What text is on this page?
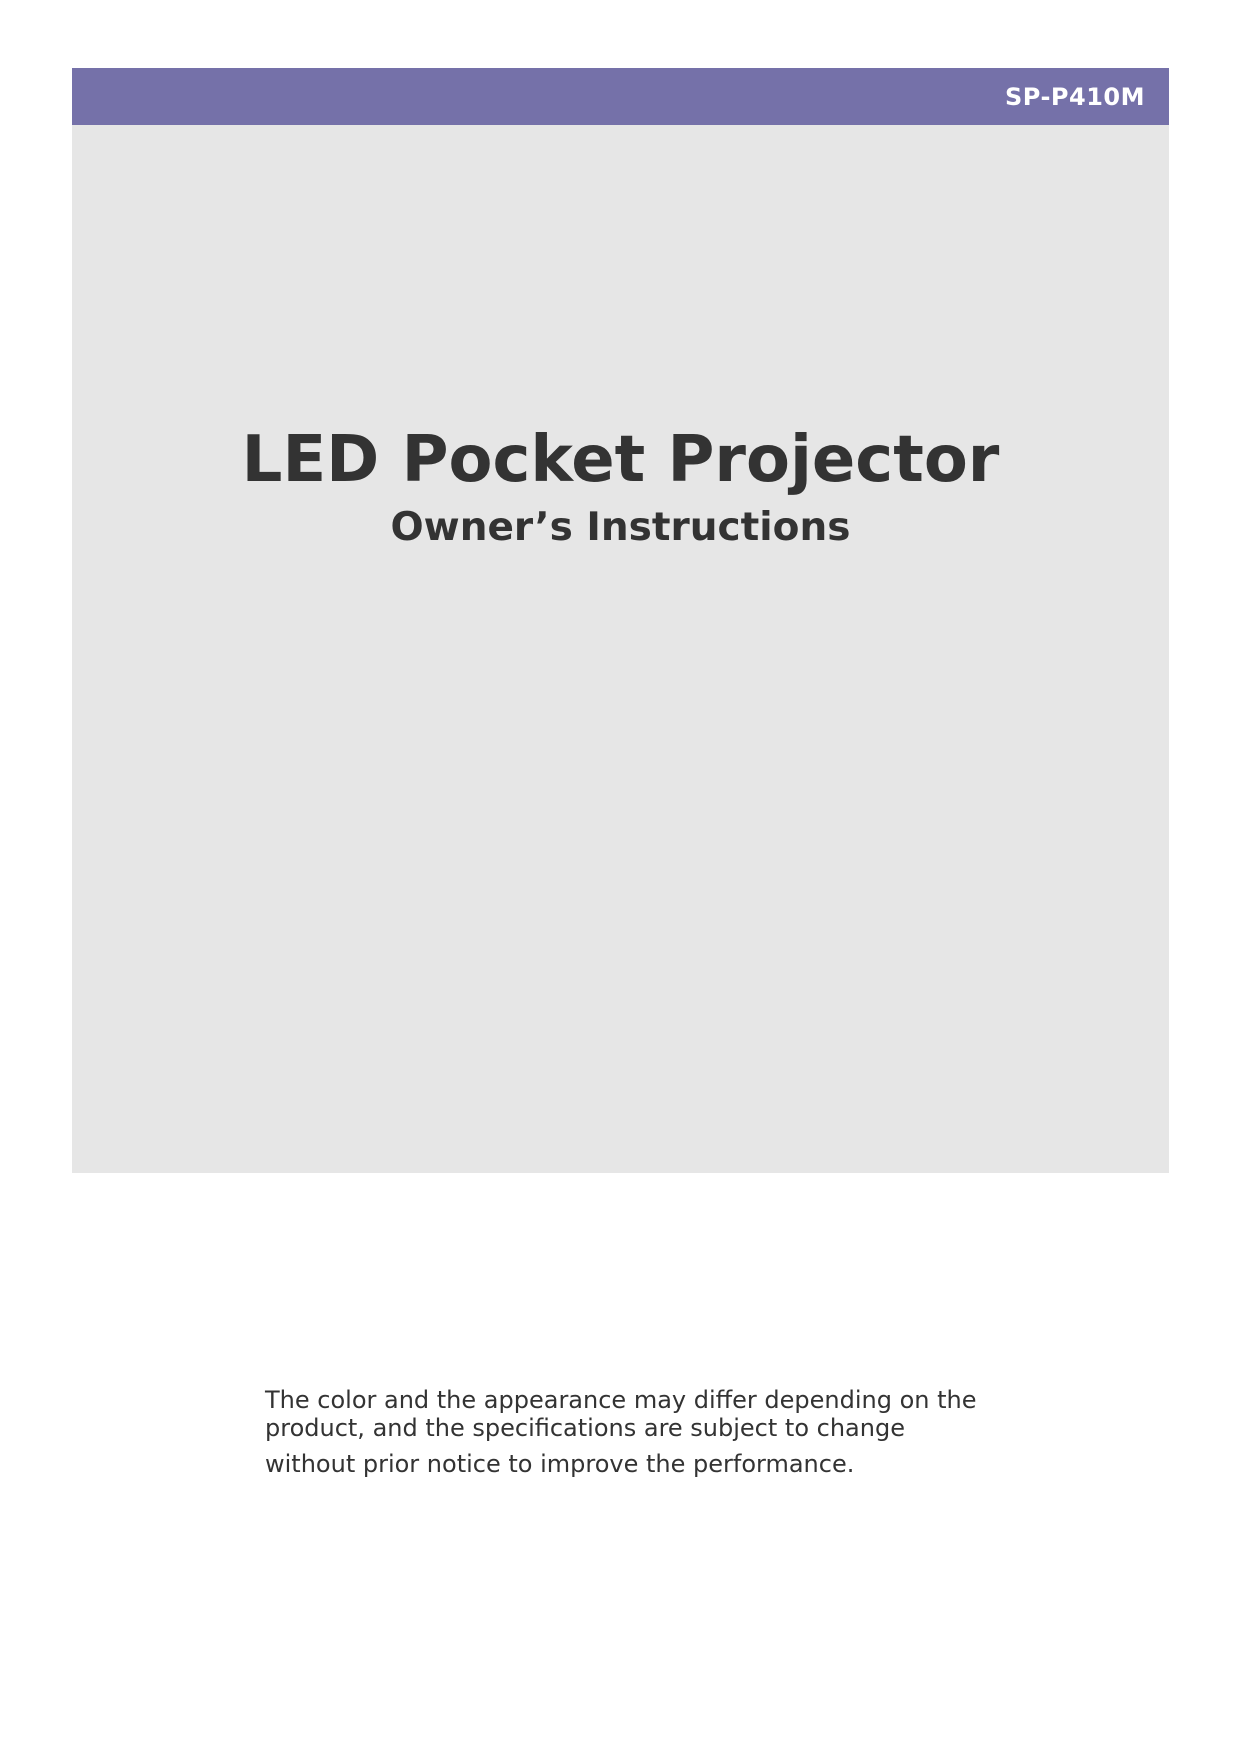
SP-P410M
LED Pocket Projector
Owner’s Instructions

The color and the appearance may differ depending on the
product, and the specifications are subject to change
without prior notice to improve the performance.
